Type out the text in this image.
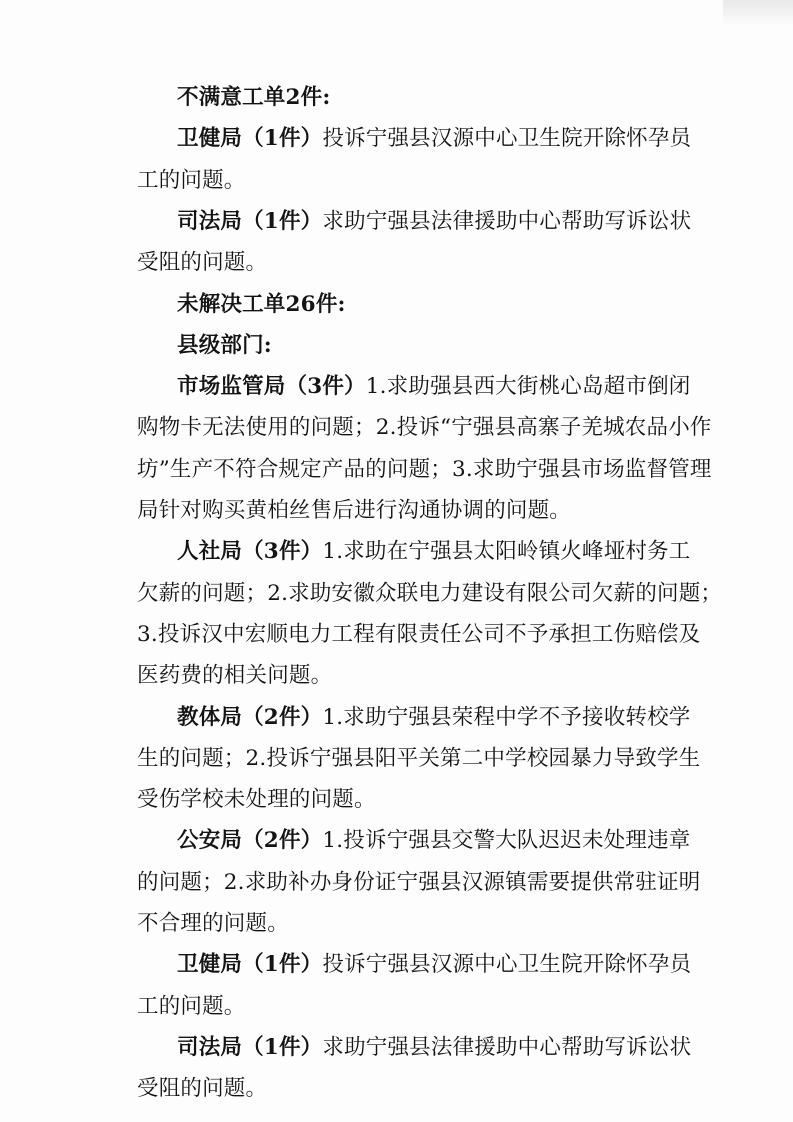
不满意工单2件:
卫健局（1件）投诉宁强县汉源中心卫生院开除怀孕员
工的问题。
司法局（1件）求助宁强县法律援助中心帮助写诉讼状
受阻的问题。
未解决工单26件:
县级部门:
市场监管局（3件）1.求助强县西大街桃心岛超市倒闭
购物卡无法使用的问题；2.投诉“宁强县高寨子羌城农品小作
坊”生产不符合规定产品的问题；3.求助宁强县市场监督管理
局针对购买黄柏丝售后进行沟通协调的问题。
人社局（3件）1.求助在宁强县太阳岭镇火峰垭村务工
欠薪的问题；2.求助安徽众联电力建设有限公司欠薪的问题；
3.投诉汉中宏顺电力工程有限责任公司不予承担工伤赔偿及
医药费的相关问题。
教体局（2件）1.求助宁强县荣程中学不予接收转校学
生的问题；2.投诉宁强县阳平关第二中学校园暴力导致学生
受伤学校未处理的问题。
公安局（2件）1.投诉宁强县交警大队迟迟未处理违章
的问题；2.求助补办身份证宁强县汉源镇需要提供常驻证明
不合理的问题。
卫健局（1件）投诉宁强县汉源中心卫生院开除怀孕员
工的问题。
司法局（1件）求助宁强县法律援助中心帮助写诉讼状
受阻的问题。
